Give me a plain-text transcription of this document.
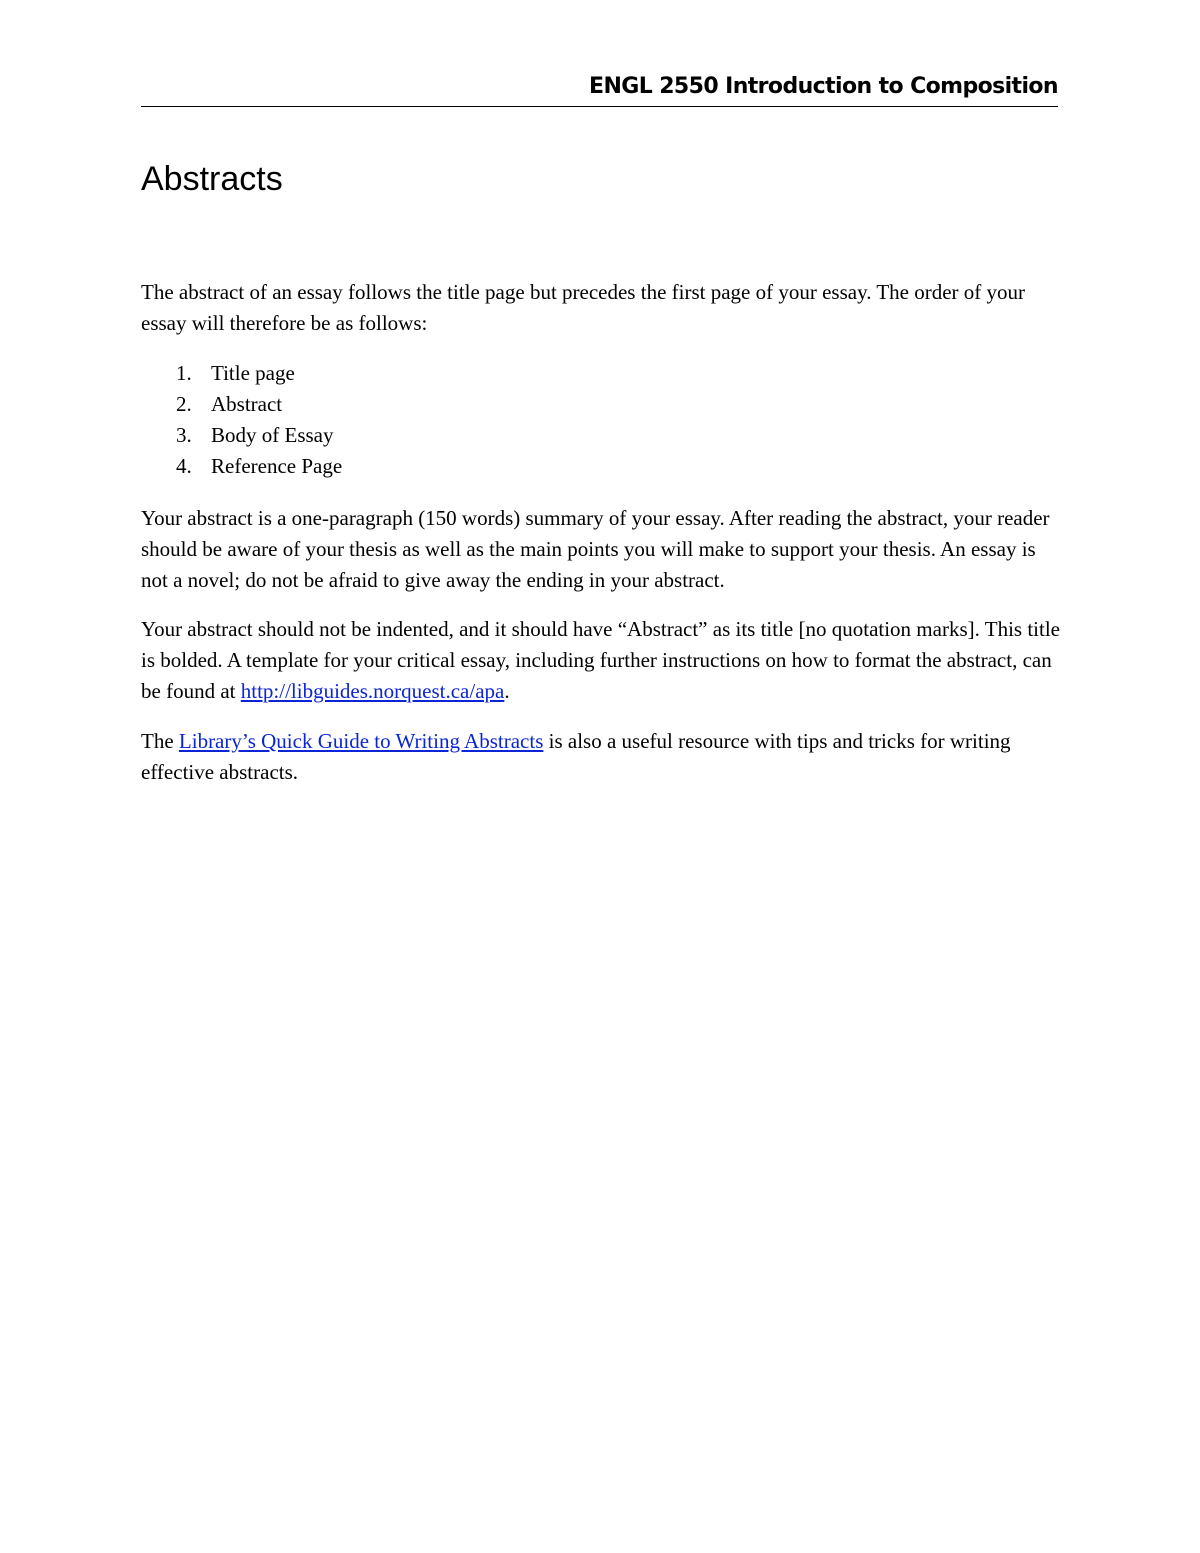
ENGL 2550 Introduction to Composition
Abstracts

The abstract of an essay follows the title page but precedes the first page of your essay. The order of your essay will therefore be as follows:

1. Title page
2. Abstract
3. Body of Essay
4. Reference Page

Your abstract is a one-paragraph (150 words) summary of your essay. After reading the abstract, your reader should be aware of your thesis as well as the main points you will make to support your thesis. An essay is not a novel; do not be afraid to give away the ending in your abstract.

Your abstract should not be indented, and it should have “Abstract” as its title [no quotation marks]. This title is bolded. A template for your critical essay, including further instructions on how to format the abstract, can be found at http://libguides.norquest.ca/apa.

The Library’s Quick Guide to Writing Abstracts is also a useful resource with tips and tricks for writing effective abstracts.
